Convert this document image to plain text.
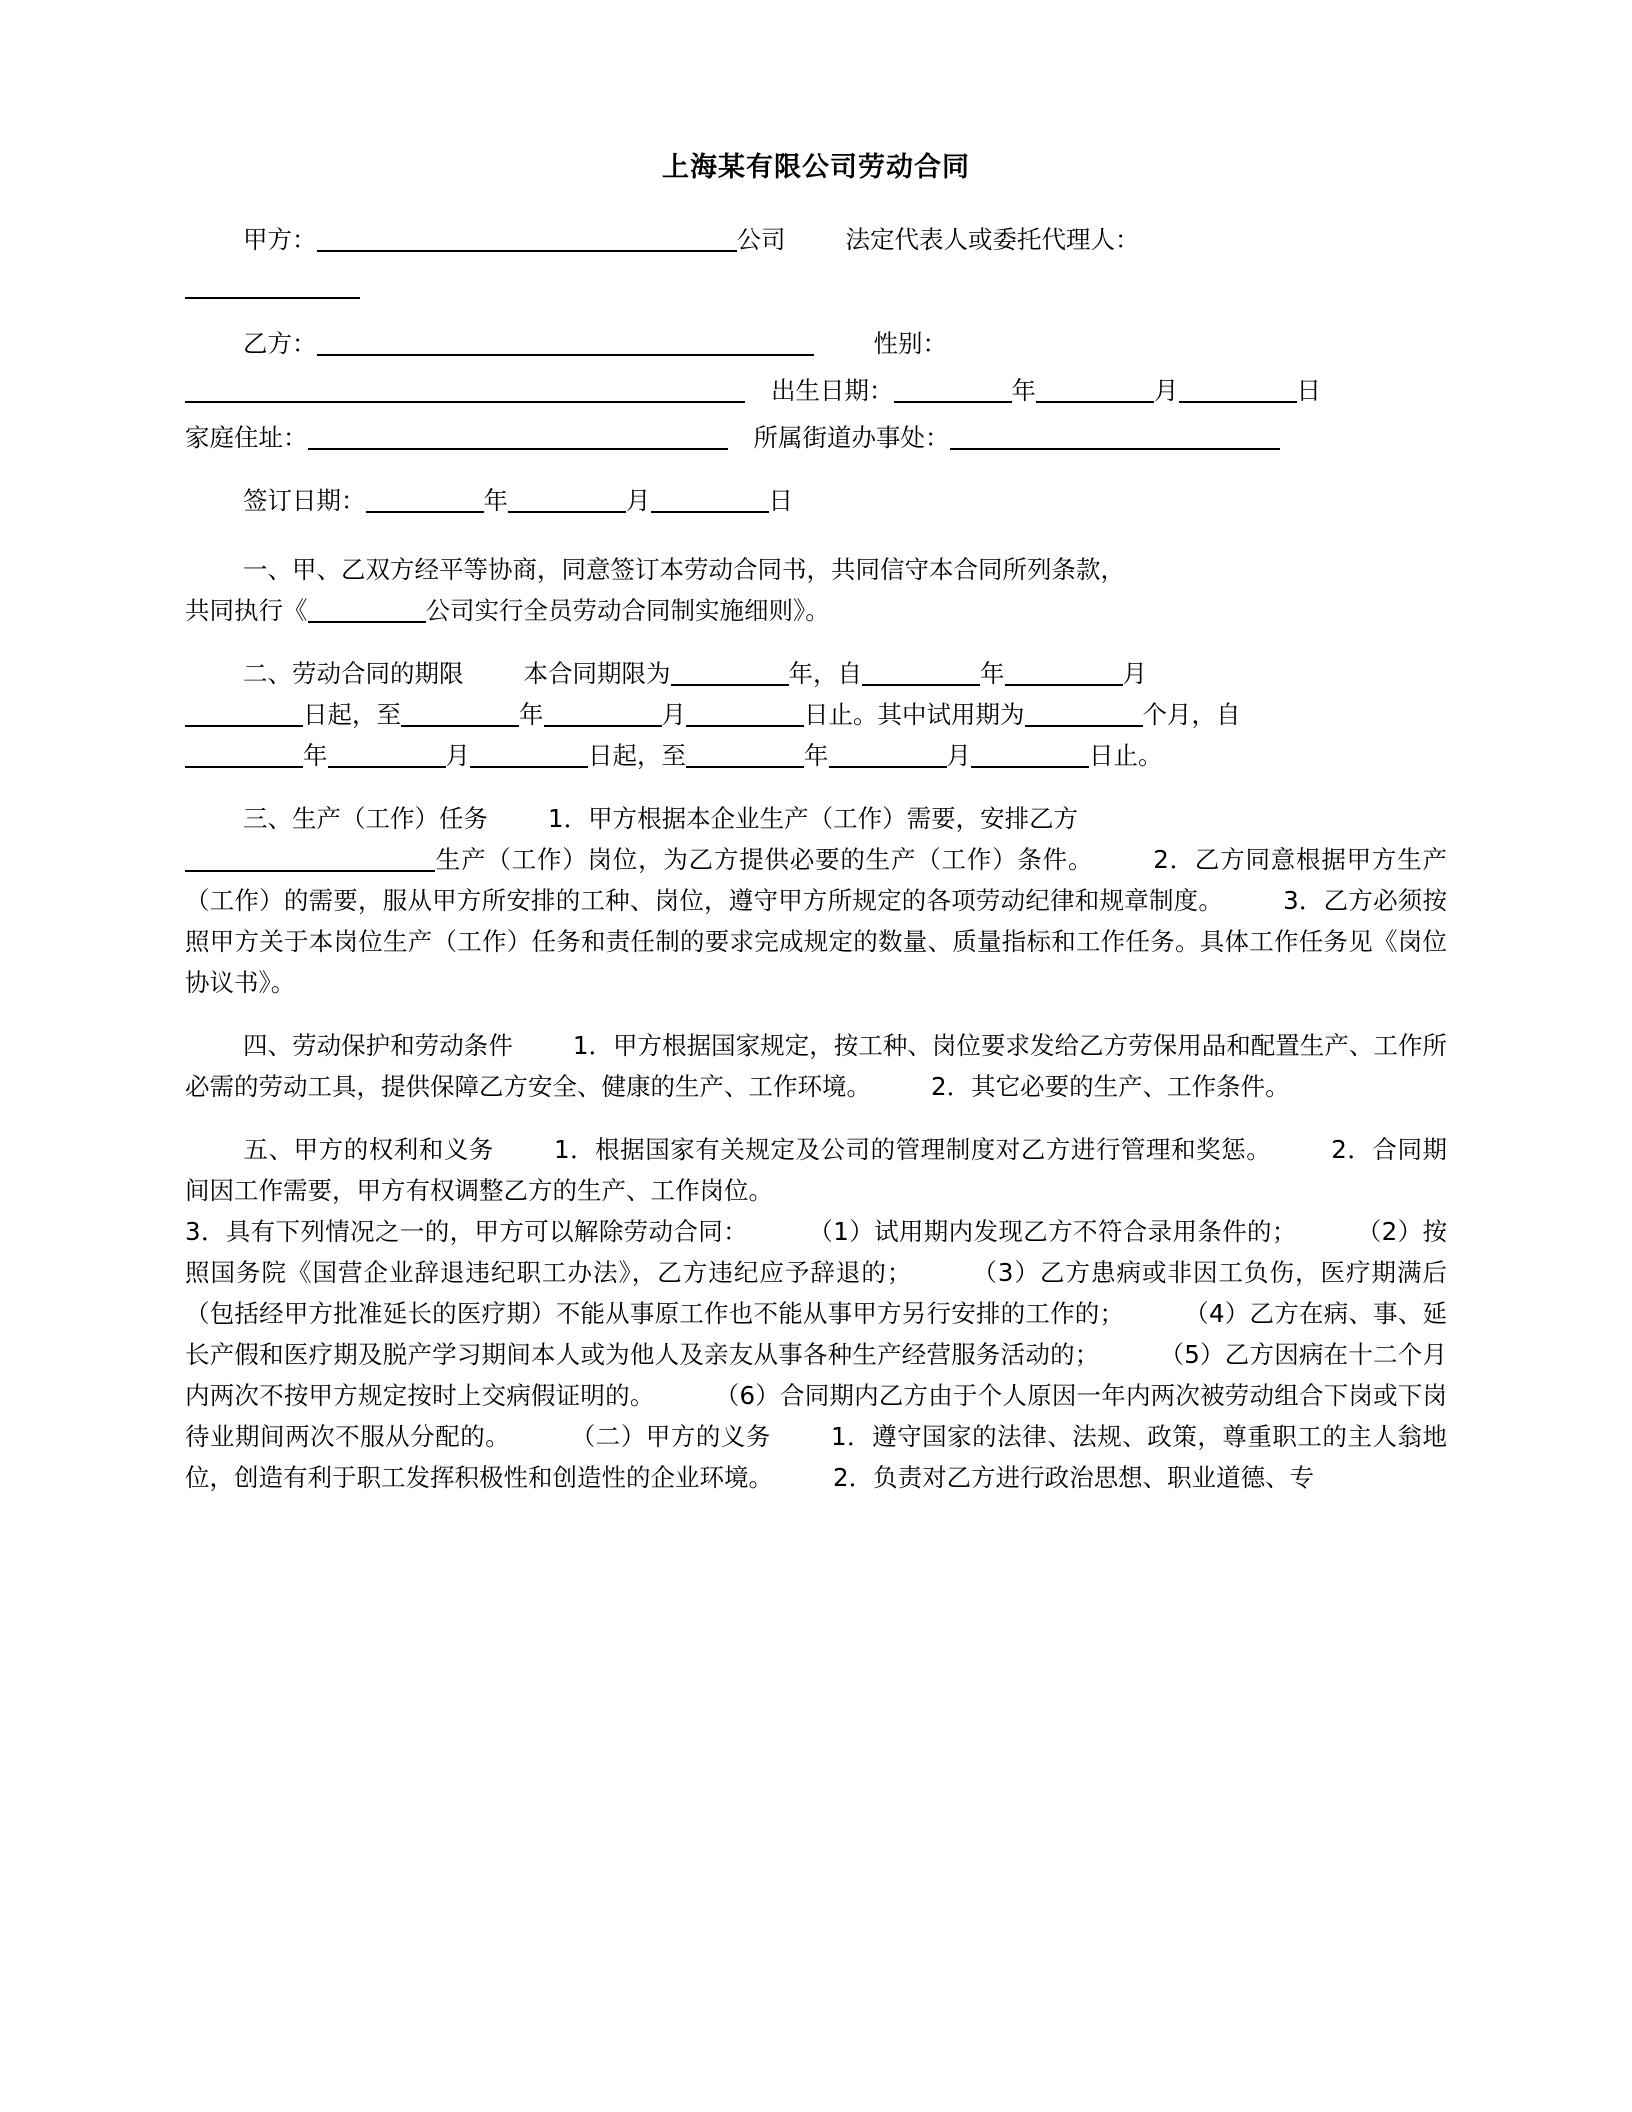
上海某有限公司劳动合同

甲方：	公司 法定代表人或委托代理人：

乙方：	性别：

出生日期：	年	月	日

家庭住址：	所属街道办事处：

签订日期：	年	月	日

一、甲、乙双方经平等协商，同意签订本劳动合同书，共同信守本合同所列条款，
共同执行《	公司实行全员劳动合同制实施细则》。

二、劳动合同的期限 本合同期限为	年，自	年	月
日起，至	年	月	日止。其中试用期为	个月，自
年	月	日起，至	年	月	日止。

三、生产（工作）任务 1．甲方根据本企业生产（工作）需要，安排乙方
生产（工作）岗位，为乙方提供必要的生产（工作）条件。 2．乙方同意根据甲方生产（工作）的需要，服从甲方所安排的工种、岗位，遵守甲方所规定的各项劳动纪律和规章制度。 3．乙方必须按照甲方关于本岗位生产（工作）任务和责任制的要求完成规定的数量、质量指标和工作任务。具体工作任务见《岗位协议书》。

四、劳动保护和劳动条件 1．甲方根据国家规定，按工种、岗位要求发给乙方劳保用品和配置生产、工作所必需的劳动工具，提供保障乙方安全、健康的生产、工作环境。 2．其它必要的生产、工作条件。

五、甲方的权利和义务 1．根据国家有关规定及公司的管理制度对乙方进行管理和奖惩。 2．合同期间因工作需要，甲方有权调整乙方的生产、工作岗位。
3．具有下列情况之一的，甲方可以解除劳动合同： （1）试用期内发现乙方不符合录用条件的； （2）按照国务院《国营企业辞退违纪职工办法》，乙方违纪应予辞退的； （3）乙方患病或非因工负伤，医疗期满后（包括经甲方批准延长的医疗期）不能从事原工作也不能从事甲方另行安排的工作的； （4）乙方在病、事、延长产假和医疗期及脱产学习期间本人或为他人及亲友从事各种生产经营服务活动的； （5）乙方因病在十二个月内两次不按甲方规定按时上交病假证明的。 （6）合同期内乙方由于个人原因一年内两次被劳动组合下岗或下岗待业期间两次不服从分配的。 （二）甲方的义务 1．遵守国家的法律、法规、政策，尊重职工的主人翁地位，创造有利于职工发挥积极性和创造性的企业环境。 2．负责对乙方进行政治思想、职业道德、专
